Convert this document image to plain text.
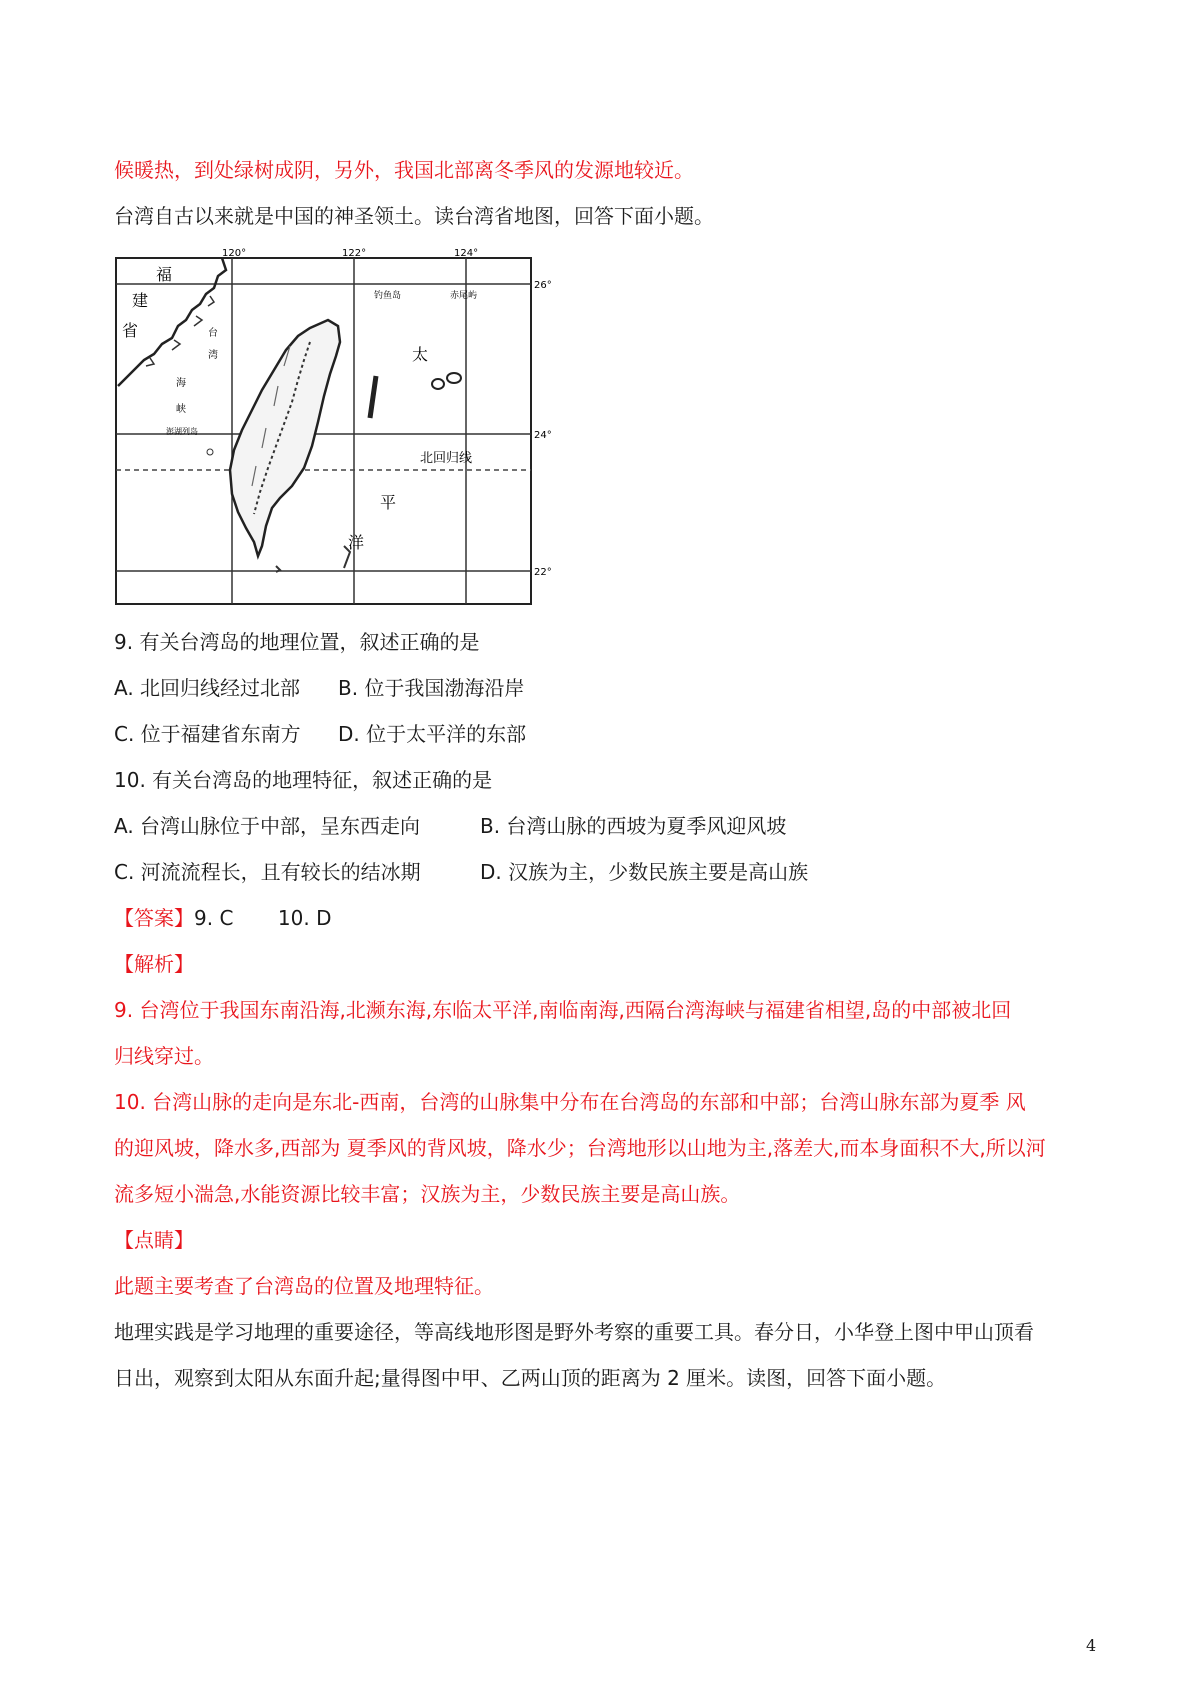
候暖热，到处绿树成阴，另外，我国北部离冬季风的发源地较近。
台湾自古以来就是中国的神圣领土。读台湾省地图，回答下面小题。
120°	122°	124°
26°
24°
22°
福
建
省	台
湾
海
峡
澎湖列岛
钓鱼岛	赤尾屿
太
平
洋
北回归线
9. 有关台湾岛的地理位置，叙述正确的是
A. 北回归线经过北部 B. 位于我国渤海沿岸
C. 位于福建省东南方 D. 位于太平洋的东部
10. 有关台湾岛的地理特征，叙述正确的是
A. 台湾山脉位于中部，呈东西走向	B. 台湾山脉的西坡为夏季风迎风坡
C. 河流流程长，且有较长的结冰期	D. 汉族为主，少数民族主要是高山族
【答案】9. C       10. D
【解析】
9. 台湾位于我国东南沿海,北濒东海,东临太平洋,南临南海,西隔台湾海峡与福建省相望,岛的中部被北回
归线穿过。
10. 台湾山脉的走向是东北-西南，台湾的山脉集中分布在台湾岛的东部和中部；台湾山脉东部为夏季 风
的迎风坡，降水多,西部为 夏季风的背风坡，降水少；台湾地形以山地为主,落差大,而本身面积不大,所以河
流多短小湍急,水能资源比较丰富；汉族为主，少数民族主要是高山族。
【点睛】
此题主要考查了台湾岛的位置及地理特征。
地理实践是学习地理的重要途径，等高线地形图是野外考察的重要工具。春分日，小华登上图中甲山顶看
日出，观察到太阳从东面升起;量得图中甲、乙两山顶的距离为 2 厘米。读图，回答下面小题。
4
